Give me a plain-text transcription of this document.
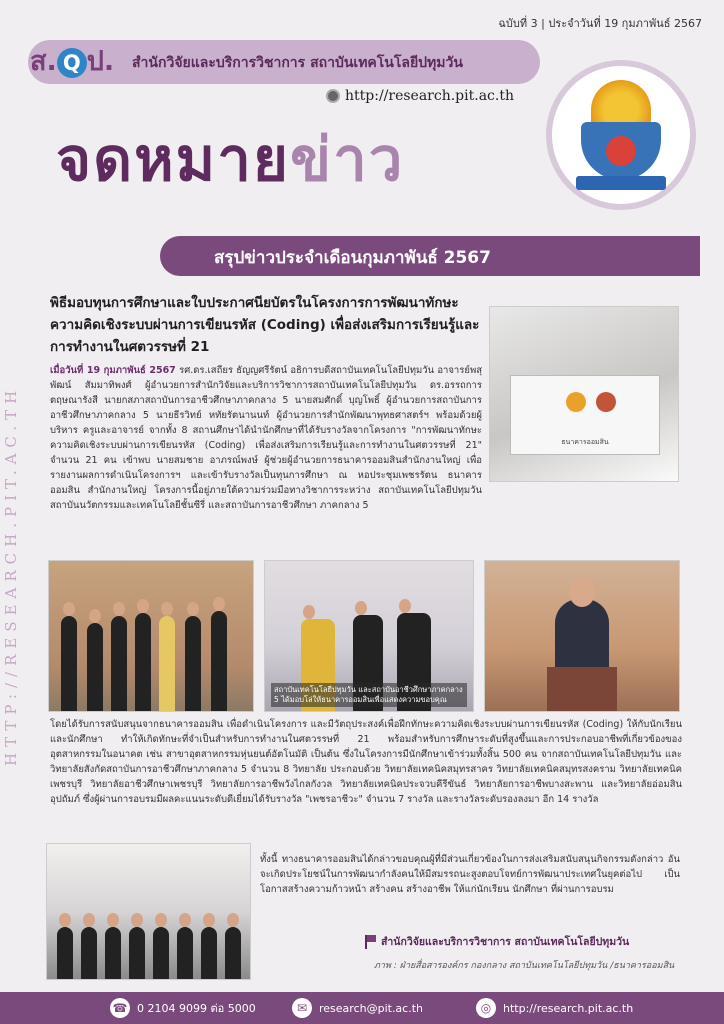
ฉบับที่ 3 | ประจำวันที่ 19 กุมภาพันธ์ 2567
ส. Q ป. สำนักวิจัยและบริการวิชาการ สถาบันเทคโนโลยีปทุมวัน
http://research.pit.ac.th
จดหมายข่าว
สรุปข่าวประจำเดือนกุมภาพันธ์ 2567
HTTP://RESEARCH.PIT.AC.TH
พิธีมอบทุนการศึกษาและใบประกาศนียบัตรในโครงการการพัฒนาทักษะความคิดเชิงระบบผ่านการเขียนรหัส (Coding) เพื่อส่งเสริมการเรียนรู้และการทำงานในศตวรรษที่ 21
เมื่อวันที่ 19 กุมภาพันธ์ 2567 รศ.ดร.เสถียร ธัญญศรีรัตน์ อธิการบดีสถาบันเทคโนโลยีปทุมวัน อาจารย์พสุพัฒน์ สัมมาทิพงศ์ ผู้อำนวยการสำนักวิจัยและบริการวิชาการสถาบันเทคโนโลยีปทุมวัน ดร.อรรถการ ตฤษณารังสี นายกสภาสถาบันการอาชีวศึกษาภาคกลาง 5 นายสมศักดิ์ บุญโพธิ์ ผู้อำนวยการสถาบันการอาชีวศึกษาภาคกลาง 5 นายธีรวิทย์ หทัยรัตนานนท์ ผู้อำนวยการสำนักพัฒนาพุทธศาสตร์ฯ พร้อมด้วยผู้บริหาร ครูและอาจารย์ จากทั้ง 8 สถานศึกษาได้นำนักศึกษาที่ได้รับรางวัลจากโครงการ "การพัฒนาทักษะความคิดเชิงระบบผ่านการเขียนรหัส (Coding) เพื่อส่งเสริมการเรียนรู้และการทำงานในศตวรรษที่ 21" จำนวน 21 คน เข้าพบ นายสมชาย อาภรณ์พงษ์ ผู้ช่วยผู้อำนวยการธนาคารออมสินสำนักงานใหญ่ เพื่อรายงานผลการดำเนินโครงการฯ และเข้ารับรางวัลเป็นทุนการศึกษา ณ หอประชุมเพชรรัตน ธนาคารออมสิน สำนักงานใหญ่ โครงการนี้อยู่ภายใต้ความร่วมมือทางวิชาการระหว่าง สถาบันเทคโนโลยีปทุมวัน สถาบันนวัตกรรมและเทคโนโลยีชั้นซีรี่ และสถาบันการอาชีวศึกษา ภาคกลาง 5
ธนาคารออมสิน
สถาบันเทคโนโลยีปทุมวัน และสถาบันอาชีวศึกษาภาคกลาง 5 ได้มอบโล่ให้ธนาคารออมสินเพื่อแสดงความขอบคุณ
โดยได้รับการสนับสนุนจากธนาคารออมสิน เพื่อดำเนินโครงการ และมีวัตถุประสงค์เพื่อฝึกทักษะความคิดเชิงระบบผ่านการเขียนรหัส (Coding) ให้กับนักเรียนและนักศึกษา ทำให้เกิดทักษะที่จำเป็นสำหรับการทำงานในศตวรรษที่ 21 พร้อมสำหรับการศึกษาระดับที่สูงขึ้นและการประกอบอาชีพที่เกี่ยวข้องของอุตสาหกรรมในอนาคต เช่น สาขาอุตสาหกรรมหุ่นยนต์อัตโนมัติ เป็นต้น ซึ่งในโครงการมีนักศึกษาเข้าร่วมทั้งสิ้น 500 คน จากสถาบันเทคโนโลยีปทุมวัน และวิทยาลัยสังกัดสถาบันการอาชีวศึกษาภาคกลาง 5 จำนวน 8 วิทยาลัย ประกอบด้วย วิทยาลัยเทคนิคสมุทรสาคร วิทยาลัยเทคนิคสมุทรสงคราม วิทยาลัยเทคนิคเพชรบุรี วิทยาลัยอาชีวศึกษาเพชรบุรี วิทยาลัยการอาชีพวังไกลกังวล วิทยาลัยเทคนิคประจวบคีรีขันธ์ วิทยาลัยการอาชีพบางสะพาน และวิทยาลัยอ่อมสินอุปถัมภ์ ซึ่งผู้ผ่านการอบรมมีผลคะแนนระดับดีเยี่ยมได้รับรางวัล "เพชรอาชีวะ" จำนวน 7 รางวัล และรางวัลระดับรองลงมา อีก 14 รางวัล
ทั้งนี้ ทางธนาคารออมสินได้กล่าวขอบคุณผู้ที่มีส่วนเกี่ยวข้องในการส่งเสริมสนับสนุนกิจกรรมดังกล่าว อันจะเกิดประโยชน์ในการพัฒนากำลังคนให้มีสมรรถนะสูงตอบโจทย์การพัฒนาประเทศในยุคต่อไป เป็นโอกาสสร้างความก้าวหน้า สร้างคน สร้างอาชีพ ให้แก่นักเรียน นักศึกษา ที่ผ่านการอบรม
สำนักวิจัยและบริการวิชาการ สถาบันเทคโนโลยีปทุมวัน
ภาพ : ฝ่ายสื่อสารองค์กร กองกลาง สถาบันเทคโนโลยีปทุมวัน /ธนาคารออมสิน
☎ 0 2104 9099 ต่อ 5000	✉	research@pit.ac.th	◎	http://research.pit.ac.th
